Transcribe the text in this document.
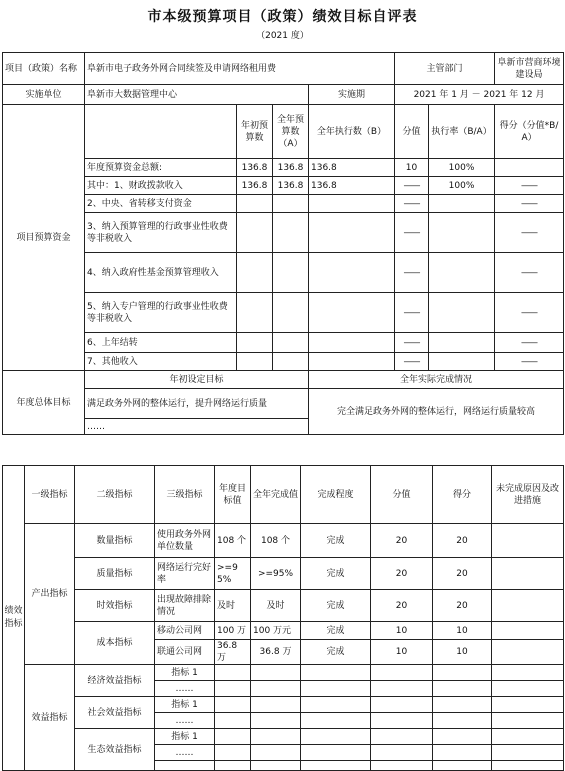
市本级预算项目（政策）绩效目标自评表
（2021 度）
项目（政策）名称	阜新市电子政务外网合同续签及申请网络租用费				主管部门		阜新市营商环境建设局
实施单位	阜新市大数据管理中心			实施期	2021 年 1 月 － 2021 年 12 月		
项目预算资金		年初预算数	全年预算数（A）	全年执行数（B）	分值	执行率（B/A）	得分（分值*B/A）
	年度预算资金总额:	136.8	136.8	136.8	10	100%	
	其中：1、财政拨款收入	136.8	136.8	136.8	——	100%	——
	2、中央、省转移支付资金				——		——
	3、纳入预算管理的行政事业性收费等非税收入				——		——
	4、纳入政府性基金预算管理收入				——		——
	5、纳入专户管理的行政事业性收费等非税收入				——		——
	6、上年结转				——		——
	7、其他收入				——		——
年度总体目标	年初设定目标			全年实际完成情况			
	满足政务外网的整体运行，提升网络运行质量			完全满足政务外网的整体运行，网络运行质量较高			
	……						
绩效指标	一级指标	二级指标	三级指标	年度目标值	全年完成值	完成程度	分值	得分	未完成原因及改进措施
	产出指标	数量指标	使用政务外网单位数量	108 个	108 个	完成	20	20	
		质量指标	网络运行完好率	>=95%	>=95%	完成	20	20	
		时效指标	出现故障排除情况	及时	及时	完成	20	20	
		成本指标	移动公司网	100 万	100 万元	完成	10	10	
			联通公司网	36.8 万	36.8 万	完成	10	10	
	效益指标	经济效益指标	指标 1						
			……						
		社会效益指标	指标 1						
			……						
		生态效益指标	指标 1						
			……						
